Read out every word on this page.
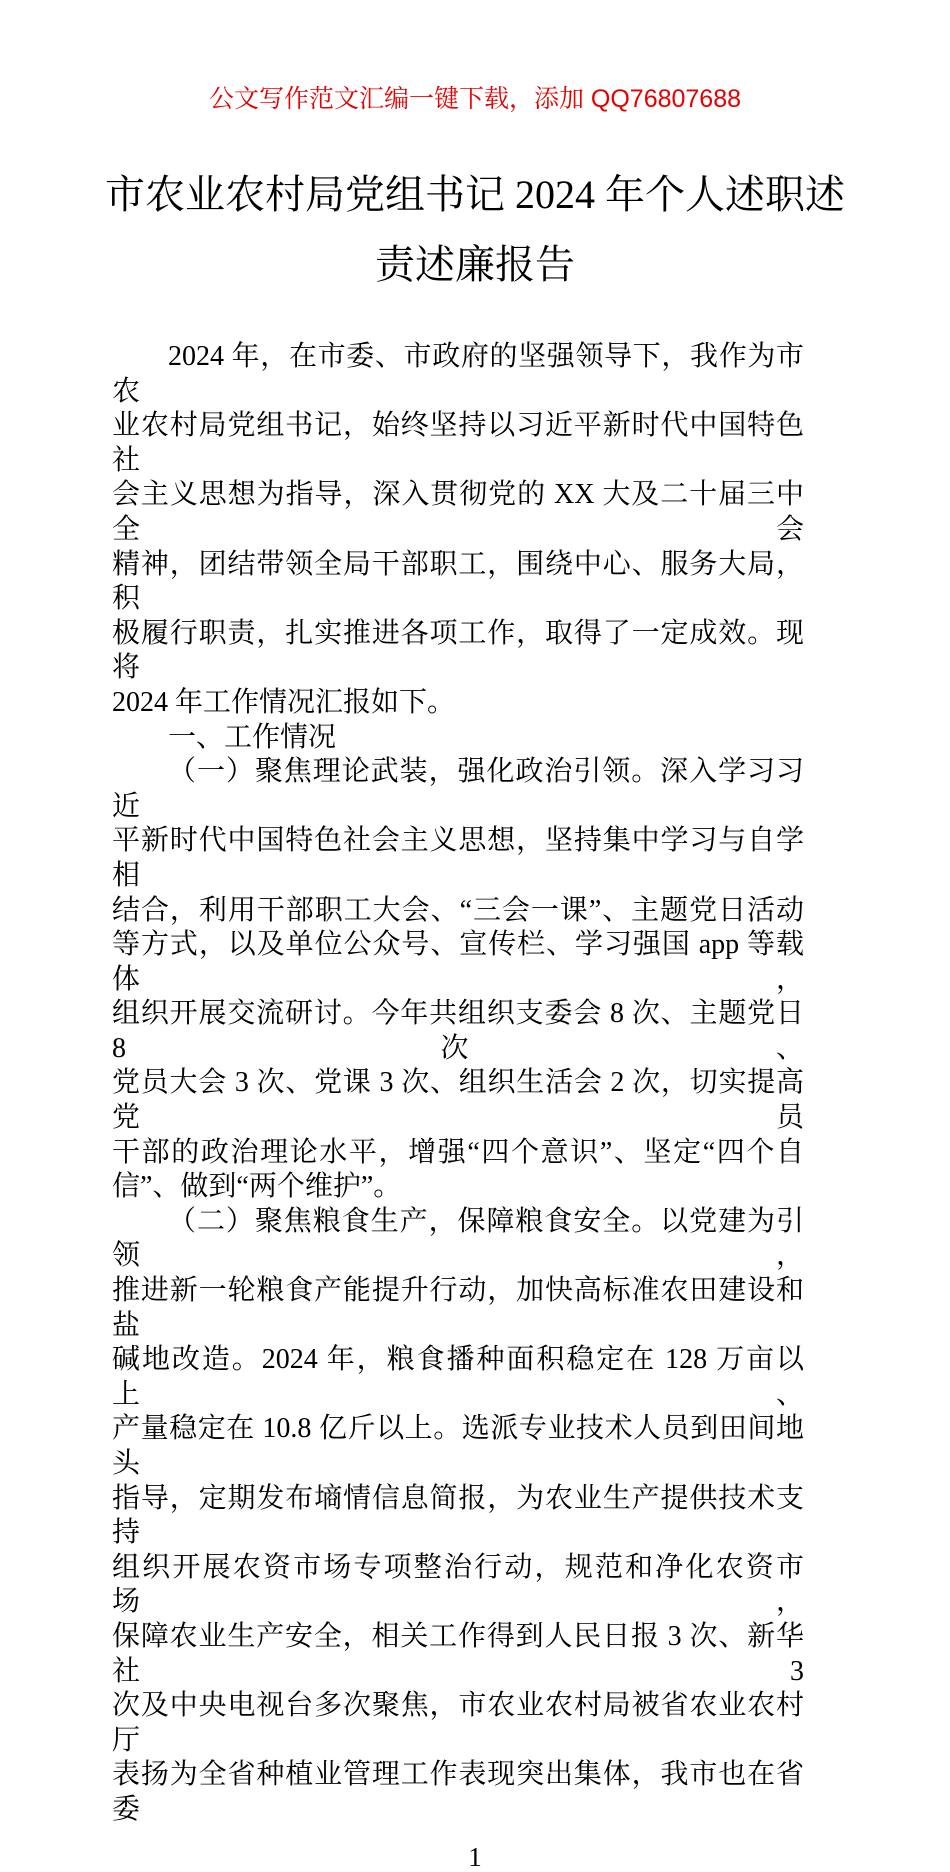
公文写作范文汇编一键下载，添加 QQ76807688
市农业农村局党组书记 2024 年个人述职述
责述廉报告
2024 年，在市委、市政府的坚强领导下，我作为市农
业农村局党组书记，始终坚持以习近平新时代中国特色社
会主义思想为指导，深入贯彻党的 XX 大及二十届三中全会
精神，团结带领全局干部职工，围绕中心、服务大局，积
极履行职责，扎实推进各项工作，取得了一定成效。现将
2024 年工作情况汇报如下。
一、工作情况
（一）聚焦理论武装，强化政治引领。深入学习习近
平新时代中国特色社会主义思想，坚持集中学习与自学相
结合，利用干部职工大会、“三会一课”、主题党日活动
等方式，以及单位公众号、宣传栏、学习强国 app 等载体，
组织开展交流研讨。今年共组织支委会 8 次、主题党日 8 次、
党员大会 3 次、党课 3 次、组织生活会 2 次，切实提高党员
干部的政治理论水平，增强“四个意识”、坚定“四个自
信”、做到“两个维护”。
（二）聚焦粮食生产，保障粮食安全。以党建为引领，
推进新一轮粮食产能提升行动，加快高标准农田建设和盐
碱地改造。2024 年，粮食播种面积稳定在 128 万亩以上、
产量稳定在 10.8 亿斤以上。选派专业技术人员到田间地头
指导，定期发布墒情信息简报，为农业生产提供技术支持
组织开展农资市场专项整治行动，规范和净化农资市场，
保障农业生产安全，相关工作得到人民日报 3 次、新华社 3
次及中央电视台多次聚焦，市农业农村局被省农业农村厅
表扬为全省种植业管理工作表现突出集体，我市也在省委
1
